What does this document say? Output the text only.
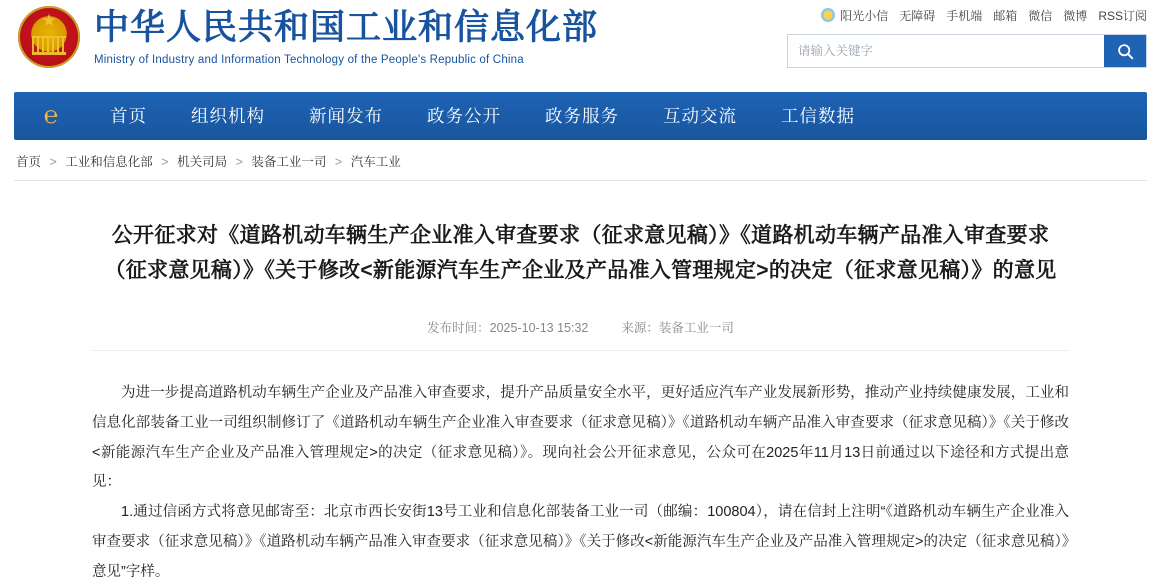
★
中华人民共和国工业和信息化部
Ministry of Industry and Information Technology of the People's Republic of China
阳光小信 无障碍 手机端 邮箱 微信 微博 RSS订阅
请输入关键字
℮	首页	组织机构	新闻发布	政务公开	政务服务	互动交流	工信数据
首页 > 工业和信息化部 > 机关司局 > 装备工业一司 > 汽车工业
公开征求对《道路机动车辆生产企业准入审查要求（征求意见稿）》《道路机动车辆产品准入审查要求（征求意见稿）》《关于修改<新能源汽车生产企业及产品准入管理规定>的决定（征求意见稿）》的意见
发布时间：2025-10-13 15:32	来源：装备工业一司

为进一步提高道路机动车辆生产企业及产品准入审查要求，提升产品质量安全水平，更好适应汽车产业发展新形势，推动产业持续健康发展，工业和信息化部装备工业一司组织制修订了《道路机动车辆生产企业准入审查要求（征求意见稿）》《道路机动车辆产品准入审查要求（征求意见稿）》《关于修改<新能源汽车生产企业及产品准入管理规定>的决定（征求意见稿）》。现向社会公开征求意见，公众可在2025年11月13日前通过以下途径和方式提出意见：

1.通过信函方式将意见邮寄至：北京市西长安街13号工业和信息化部装备工业一司（邮编：100804），请在信封上注明“《道路机动车辆生产企业准入审查要求（征求意见稿）》《道路机动车辆产品准入审查要求（征求意见稿）》《关于修改<新能源汽车生产企业及产品准入管理规定>的决定（征求意见稿）》意见”字样。
